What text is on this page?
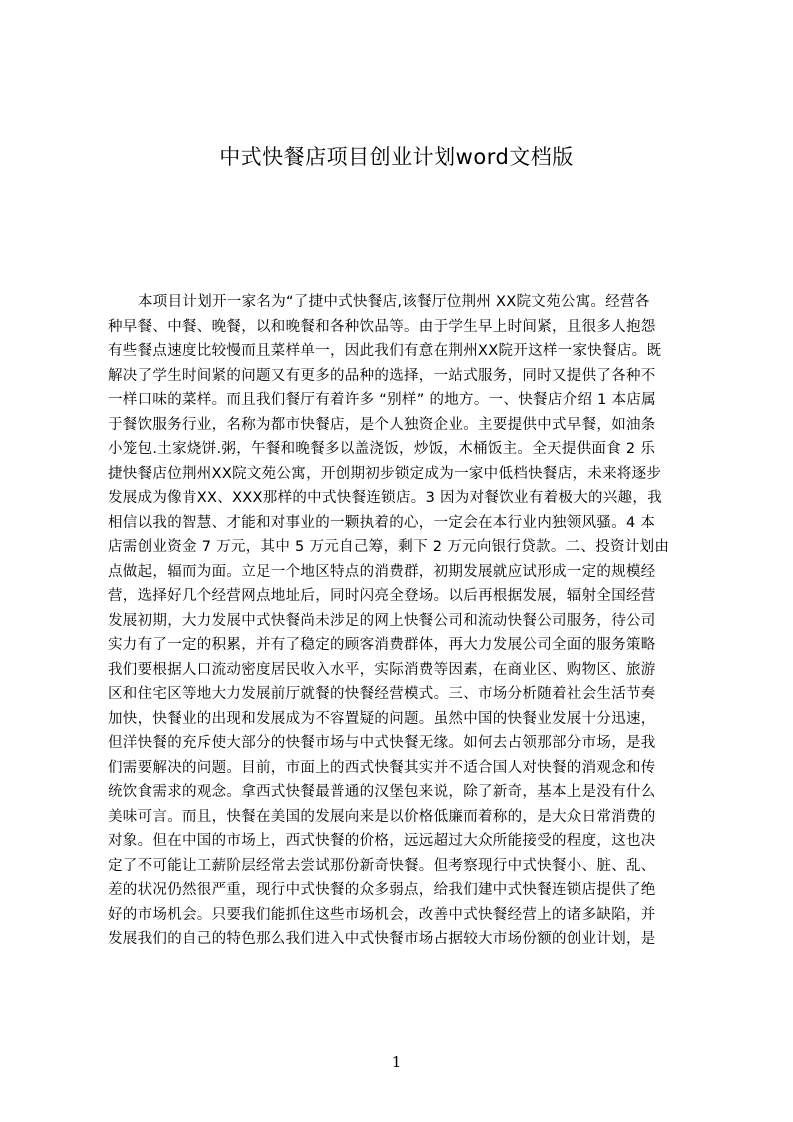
中式快餐店项目创业计划word文档版
本项目计划开一家名为“了捷中式快餐店,该餐厅位荆州 XX院文苑公寓。经营各
种早餐、中餐、晚餐，以和晚餐和各种饮品等。由于学生早上时间紧，且很多人抱怨
有些餐点速度比较慢而且菜样单一，因此我们有意在荆州XX院开这样一家快餐店。既
解决了学生时间紧的问题又有更多的品种的选择，一站式服务，同时又提供了各种不
一样口味的菜样。而且我们餐厅有着许多 “别样” 的地方。一、快餐店介绍 1 本店属
于餐饮服务行业，名称为都市快餐店，是个人独资企业。主要提供中式早餐，如油条
小笼包.土家烧饼.粥，午餐和晚餐多以盖浇饭，炒饭，木桶饭主。全天提供面食 2 乐
捷快餐店位荆州XX院文苑公寓，开创期初步锁定成为一家中低档快餐店，未来将逐步
发展成为像肯XX、XXX那样的中式快餐连锁店。3 因为对餐饮业有着极大的兴趣，我
相信以我的智慧、才能和对事业的一颗执着的心，一定会在本行业内独领风骚。4 本
店需创业资金 7 万元，其中 5 万元自己筹，剩下 2 万元向银行贷款。二、投资计划由
点做起，辐而为面。立足一个地区特点的消费群，初期发展就应试形成一定的规模经
营，选择好几个经营网点地址后，同时闪亮全登场。以后再根据发展，辐射全国经营
发展初期，大力发展中式快餐尚未涉足的网上快餐公司和流动快餐公司服务，待公司
实力有了一定的积累，并有了稳定的顾客消费群体，再大力发展公司全面的服务策略
我们要根据人口流动密度居民收入水平，实际消费等因素，在商业区、购物区、旅游
区和住宅区等地大力发展前厅就餐的快餐经营模式。三、市场分析随着社会生活节奏
加快，快餐业的出现和发展成为不容置疑的问题。虽然中国的快餐业发展十分迅速，
但洋快餐的充斥使大部分的快餐市场与中式快餐无缘。如何去占领那部分市场，是我
们需要解决的问题。目前，市面上的西式快餐其实并不适合国人对快餐的消观念和传
统饮食需求的观念。拿西式快餐最普通的汉堡包来说，除了新奇，基本上是没有什么
美味可言。而且，快餐在美国的发展向来是以价格低廉而着称的，是大众日常消费的
对象。但在中国的市场上，西式快餐的价格，远远超过大众所能接受的程度，这也决
定了不可能让工薪阶层经常去尝试那份新奇快餐。但考察现行中式快餐小、脏、乱、
差的状况仍然很严重，现行中式快餐的众多弱点，给我们建中式快餐连锁店提供了绝
好的市场机会。只要我们能抓住这些市场机会，改善中式快餐经营上的诸多缺陷，并
发展我们的自己的特色那么我们进入中式快餐市场占据较大市场份额的创业计划，是
1
